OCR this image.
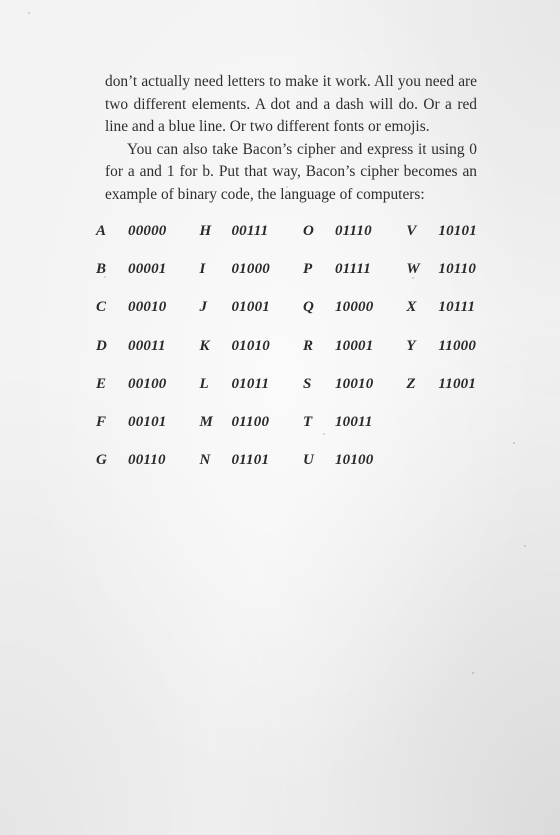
don’t actually need letters to make it work. All you need are two different elements. A dot and a dash will do. Or a red line and a blue line. Or two different fonts or emojis.

You can also take Bacon’s cipher and express it using 0 for a and 1 for b. Put that way, Bacon’s cipher becomes an example of binary code, the language of computers:

A	00000 H	00111 O	01110 V	10101
B	00001 I	01000 P	01111 W	10110
C	00010 J	01001 Q	10000 X	10111
D	00011 K	01010 R	10001 Y	11000
E	00100 L	01011 S	10010 Z	11001
F	00101 M	01100 T	10011
G	00110 N	01101 U	10100
